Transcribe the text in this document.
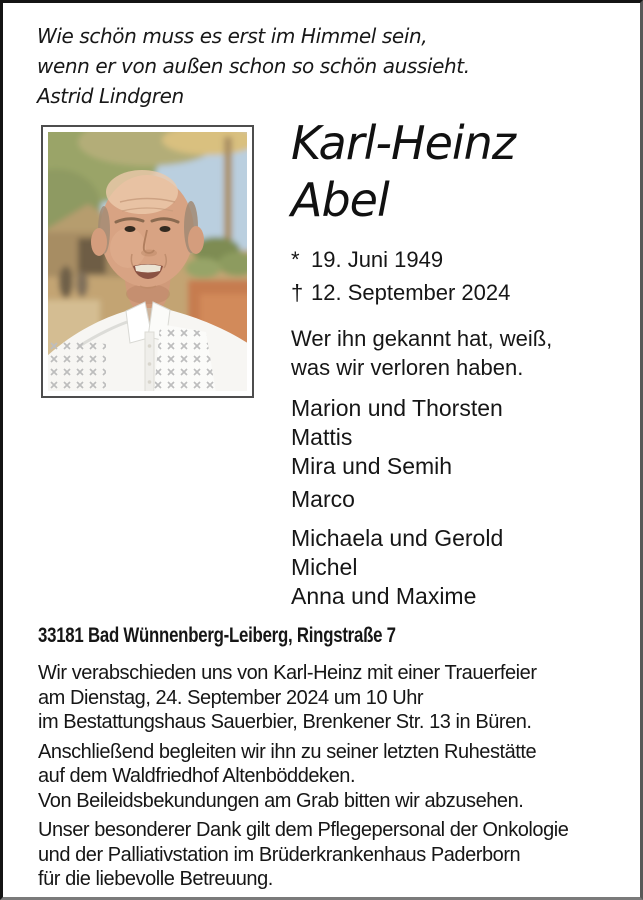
Wie schön muss es erst im Himmel sein,
wenn er von außen schon so schön aussieht.
Astrid Lindgren
Karl-Heinz
Abel
* 19. Juni 1949
† 12. September 2024
Wer ihn gekannt hat, weiß,
was wir verloren haben.
Marion und Thorsten
Mattis
Mira und Semih
Marco
Michaela und Gerold
Michel
Anna und Maxime
33181 Bad Wünnenberg-Leiberg, Ringstraße 7
Wir verabschieden uns von Karl-Heinz mit einer Trauerfeier
am Dienstag, 24. September 2024 um 10 Uhr
im Bestattungshaus Sauerbier, Brenkener Str. 13 in Büren.
Anschließend begleiten wir ihn zu seiner letzten Ruhestätte
auf dem Waldfriedhof Altenböddeken.
Von Beileidsbekundungen am Grab bitten wir abzusehen.
Unser besonderer Dank gilt dem Pflegepersonal der Onkologie
und der Palliativstation im Brüderkrankenhaus Paderborn
für die liebevolle Betreuung.
